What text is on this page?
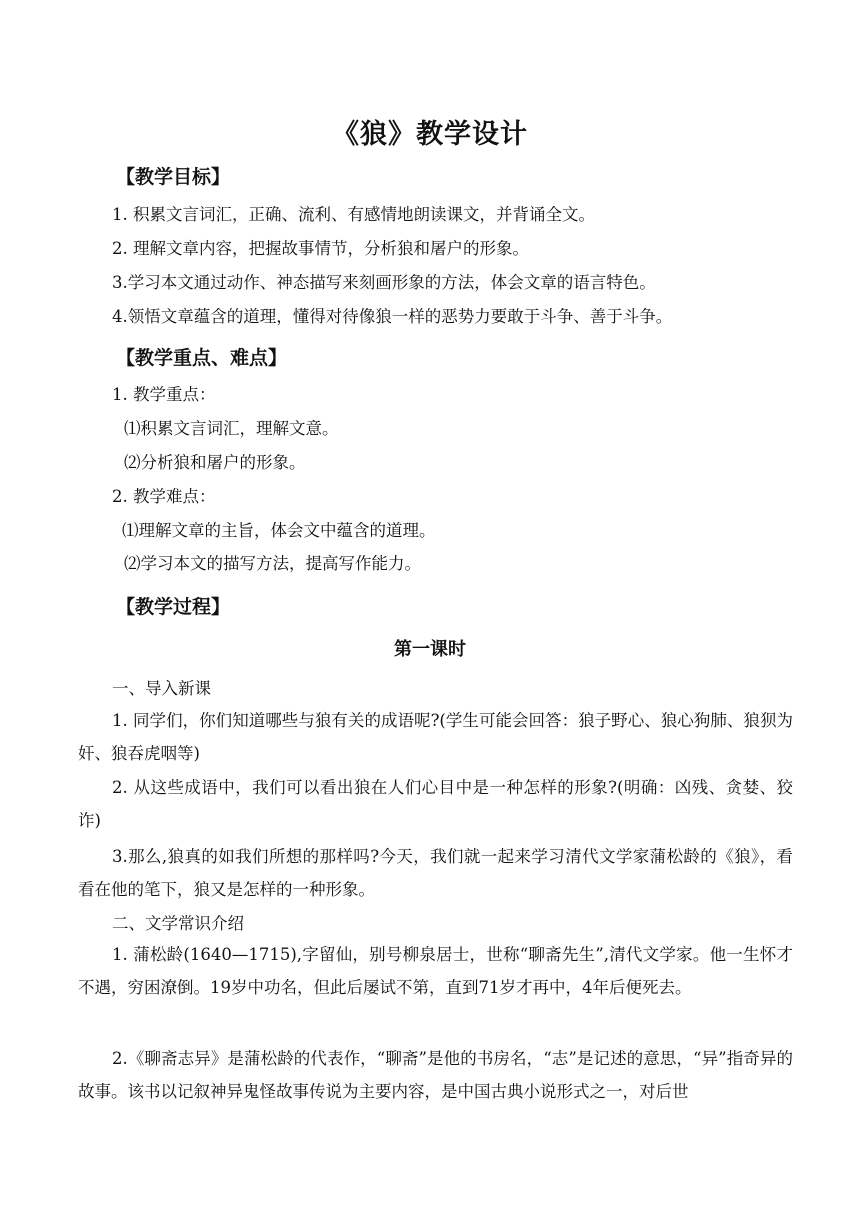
《狼》教学设计
【教学目标】
1. 积累文言词汇，正确、流利、有感情地朗读课文，并背诵全文。
2. 理解文章内容，把握故事情节，分析狼和屠户的形象。
3.学习本文通过动作、神态描写来刻画形象的方法，体会文章的语言特色。
4.领悟文章蕴含的道理，懂得对待像狼一样的恶势力要敢于斗争、善于斗争。
【教学重点、难点】
1. 教学重点：
⑴积累文言词汇，理解文意。
⑵分析狼和屠户的形象。
2. 教学难点：
⑴理解文章的主旨，体会文中蕴含的道理。
⑵学习本文的描写方法，提高写作能力。
【教学过程】
第一课时
一、导入新课
1. 同学们，你们知道哪些与狼有关的成语呢?(学生可能会回答：狼子野心、狼心狗肺、狼狈为奸、狼吞虎咽等)
2. 从这些成语中，我们可以看出狼在人们心目中是一种怎样的形象?(明确：凶残、贪婪、狡诈)
3.那么,狼真的如我们所想的那样吗?今天，我们就一起来学习清代文学家蒲松龄的《狼》，看看在他的笔下，狼又是怎样的一种形象。
二、文学常识介绍
1. 蒲松龄(1640—1715),字留仙，别号柳泉居士，世称“聊斋先生”,清代文学家。他一生怀才不遇，穷困潦倒。19岁中功名，但此后屡试不第，直到71岁才再中，4年后便死去。
2.《聊斋志异》是蒲松龄的代表作，“聊斋”是他的书房名，“志”是记述的意思，“异”指奇异的故事。该书以记叙神异鬼怪故事传说为主要内容，是中国古典小说形式之一，对后世
